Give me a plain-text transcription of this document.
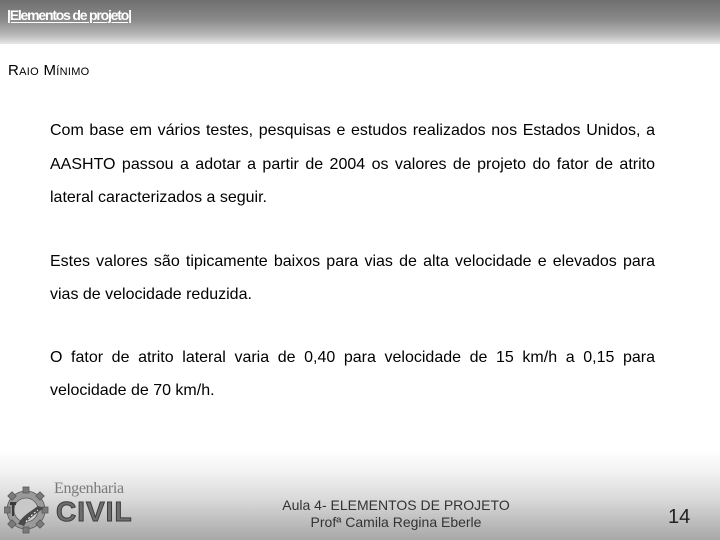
|Elementos de projeto|
Raio Mínimo

Com base em vários testes, pesquisas e estudos realizados nos Estados Unidos, a AASHTO passou a adotar a partir de 2004 os valores de projeto do fator de atrito lateral caracterizados a seguir.

Estes valores são tipicamente baixos para vias de alta velocidade e elevados para vias de velocidade reduzida.

O fator de atrito lateral varia de 0,40 para velocidade de 15 km/h a 0,15 para velocidade de 70 km/h.

Engenharia
CIVIL	Aula 4- ELEMENTOS DE PROJETO
Profª Camila Regina Eberle	14
